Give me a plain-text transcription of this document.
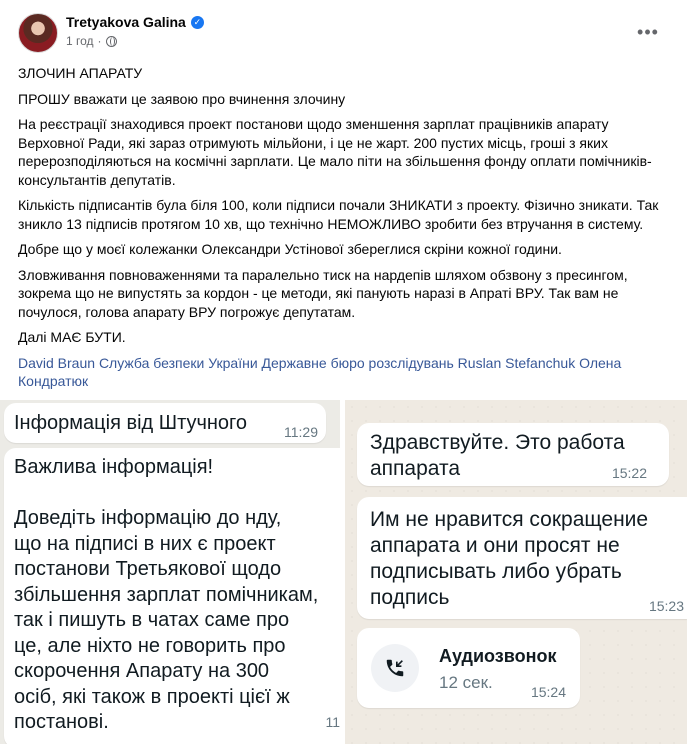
Tretyakova Galina ✓
1 год ·	•••

ЗЛОЧИН АПАРАТУ

ПРОШУ вважати це заявою про вчинення злочину

На реєстрації знаходився проект постанови щодо зменшення зарплат працівників апарату Верховної Ради, які зараз отримують мільйони, і це не жарт. 200 пустих місць, гроші з яких перерозподіляються на космічні зарплати. Це мало піти на збільшення фонду оплати помічників-консультантів депутатів.

Кількість підписантів була біля 100, коли підписи почали ЗНИКАТИ з проекту. Фізично зникати. Так зникло 13 підписів протягом 10 хв, що технічно НЕМОЖЛИВО зробити без втручання в систему.

Добре що у моєї колежанки Олександри Устінової збереглися скріни кожної години.

Зловживання повноваженнями та паралельно тиск на нардепів шляхом обзвону з пресингом, зокрема що не випустять за кордон - це методи, які панують наразі в Апраті ВРУ. Так вам не почулося, голова апарату ВРУ погрожує депутатам.

Далі МАЄ БУТИ.

David Braun Служба безпеки України Державне бюро розслідувань Ruslan Stefanchuk Олена Кондратюк

Інформація від Штучного	11:29
Важлива інформація!

Доведіть інформацію до нду,
що на підписі в них є проект
постанови Третьякової щодо
збільшення зарплат помічникам,
так і пишуть в чатах саме про
це, але ніхто не говорить про
скорочення Апарату на 300
осіб, які також в проекті цієї ж
постанові.	11
Здравствуйте. Это работа
аппарата	15:22
Им не нравится сокращение
аппарата и они просят не
подписывать либо убрать
подпись	15:23
Аудиозвонок
12 сек.	15:24
